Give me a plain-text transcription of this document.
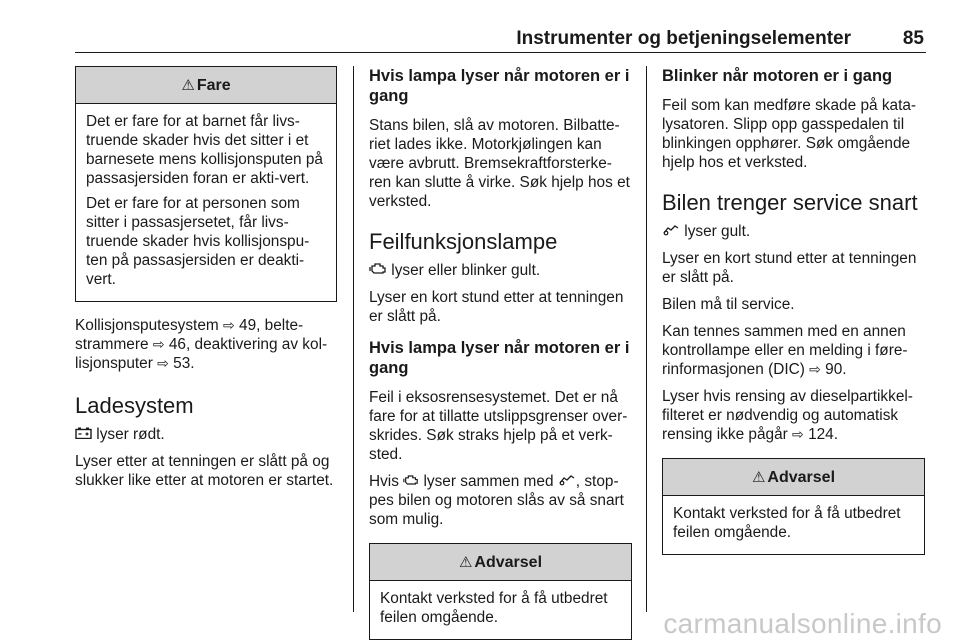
Instrumenter og betjeningselementer	85
⚠ Fare

Det er fare for at barnet får livs-truende skader hvis det sitter i et barnesete mens kollisjonsputen på passasjersiden foran er akti-vert.

Det er fare for at personen som sitter i passasjersetet, får livs-truende skader hvis kollisjonspu-ten på passasjersiden er deakti-vert.

Kollisjonsputesystem ⇨ 49, belte-strammere ⇨ 46, deaktivering av kol-lisjonsputer ⇨ 53.

Ladesystem

lyser rødt.

Lyser etter at tenningen er slått på og slukker like etter at motoren er startet.

Hvis lampa lyser når motoren er i gang

Stans bilen, slå av motoren. Bilbatte-riet lades ikke. Motorkjølingen kan være avbrutt. Bremsekraftforsterke-ren kan slutte å virke. Søk hjelp hos et verksted.

Feilfunksjonslampe

lyser eller blinker gult.

Lyser en kort stund etter at tenningen er slått på.

Hvis lampa lyser når motoren er i gang

Feil i eksosrensesystemet. Det er nå fare for at tillatte utslippsgrenser over-skrides. Søk straks hjelp på et verk-sted.

Hvis lyser sammen med , stop-pes bilen og motoren slås av så snart som mulig.

⚠ Advarsel

Kontakt verksted for å få utbedret feilen omgående.

Blinker når motoren er i gang

Feil som kan medføre skade på kata-lysatoren. Slipp opp gasspedalen til blinkingen opphører. Søk omgående hjelp hos et verksted.

Bilen trenger service snart

lyser gult.

Lyser en kort stund etter at tenningen er slått på.

Bilen må til service.

Kan tennes sammen med en annen kontrollampe eller en melding i føre-rinformasjonen (DIC) ⇨ 90.

Lyser hvis rensing av dieselpartikkel-filteret er nødvendig og automatisk rensing ikke pågår ⇨ 124.

⚠ Advarsel

Kontakt verksted for å få utbedret feilen omgående.

carmanualsonline.info
